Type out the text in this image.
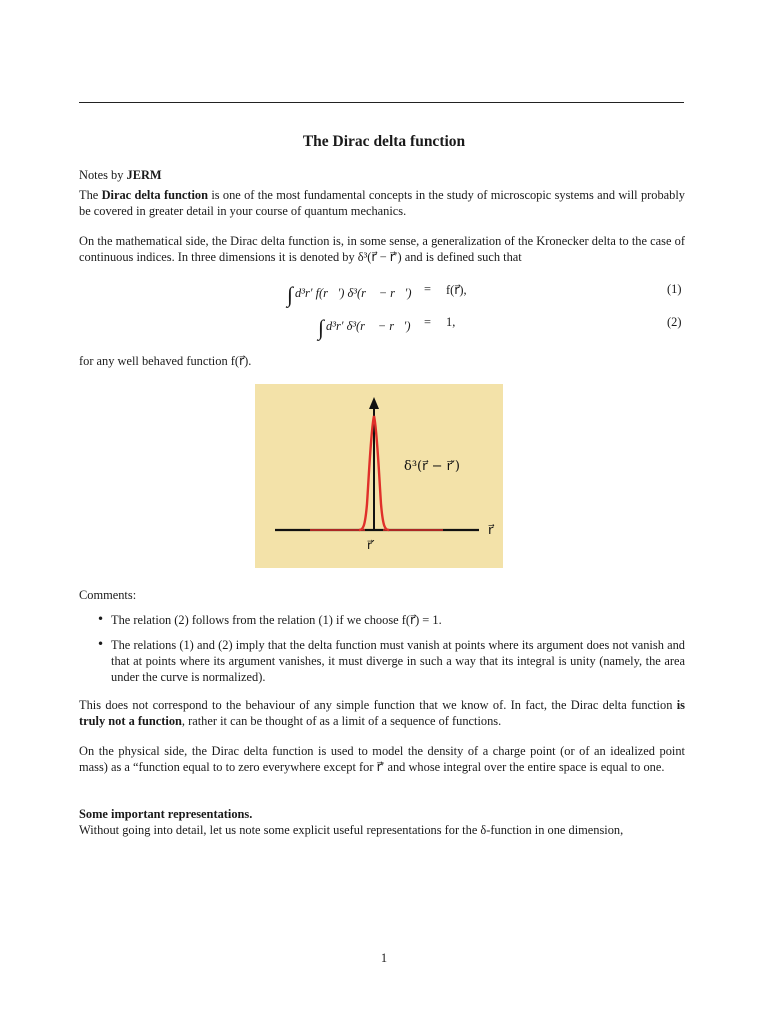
The Dirac delta function
Notes by JERM
The Dirac delta function is one of the most fundamental concepts in the study of microscopic systems and will probably be covered in greater detail in your course of quantum mechanics.
On the mathematical side, the Dirac delta function is, in some sense, a generalization of the Kronecker delta to the case of continuous indices. In three dimensions it is denoted by δ³(r⃗ − r⃗′) and is defined such that
∫ d³r′ f(r⃗′) δ³(r⃗ − r⃗′) = f(r⃗),	(1)
∫ d³r′ δ³(r⃗ − r⃗′) = 1,	(2)
for any well behaved function f(r⃗).
δ³(r⃗ − r⃗′)
r⃗
r⃗′
Comments:
• The relation (2) follows from the relation (1) if we choose f(r⃗) = 1.
• The relations (1) and (2) imply that the delta function must vanish at points where its argument does not vanish and that at points where its argument vanishes, it must diverge in such a way that its integral is unity (namely, the area under the curve is normalized).
This does not correspond to the behaviour of any simple function that we know of. In fact, the Dirac delta function is truly not a function, rather it can be thought of as a limit of a sequence of functions.
On the physical side, the Dirac delta function is used to model the density of a charge point (or of an idealized point mass) as a “function equal to to zero everywhere except for r⃗′ and whose integral over the entire space is equal to one.
Some important representations.
Without going into detail, let us note some explicit useful representations for the δ-function in one dimension,
1
